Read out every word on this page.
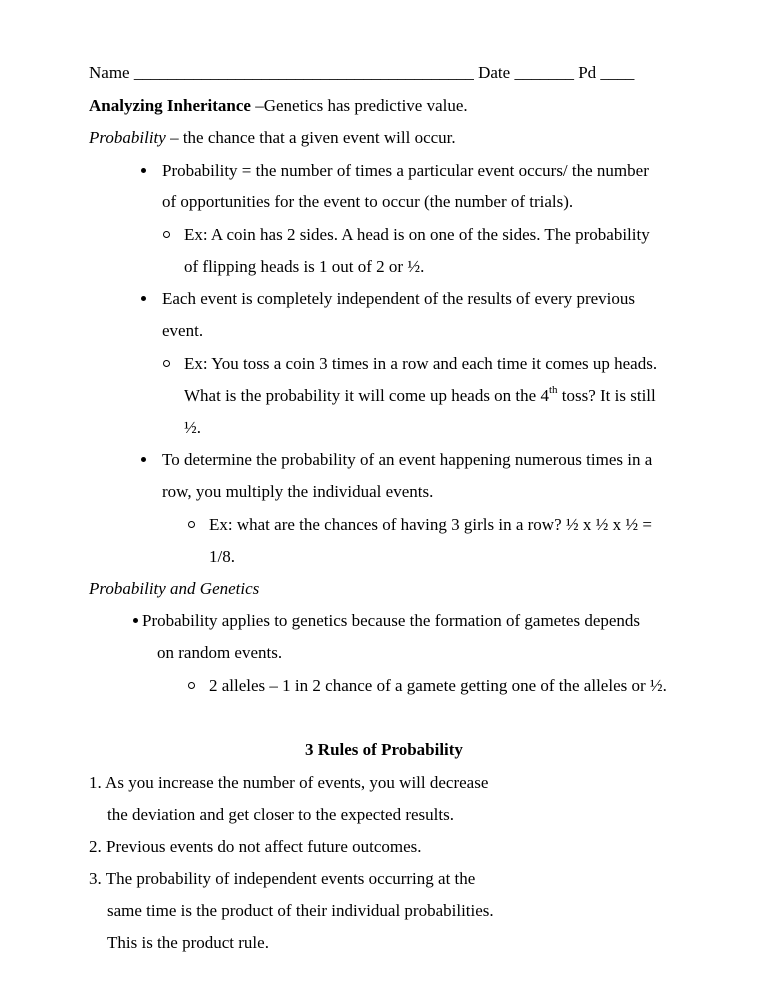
Name ________________________________________ Date _______ Pd ____
Analyzing Inheritance –Genetics has predictive value.
Probability – the chance that a given event will occur.
Probability = the number of times a particular event occurs/ the number
of opportunities for the event to occur (the number of trials).
Ex: A coin has 2 sides. A head is on one of the sides. The probability
of flipping heads is 1 out of 2 or ½.
Each event is completely independent of the results of every previous
event.
Ex: You toss a coin 3 times in a row and each time it comes up heads.
What is the probability it will come up heads on the 4th toss? It is still
½.
To determine the probability of an event happening numerous times in a
row, you multiply the individual events.
Ex: what are the chances of having 3 girls in a row? ½ x ½ x ½ =
1/8.
Probability and Genetics
Probability applies to genetics because the formation of gametes depends
on random events.
2 alleles – 1 in 2 chance of a gamete getting one of the alleles or ½.
3 Rules of Probability
1. As you increase the number of events, you will decrease
the deviation and get closer to the expected results.
2. Previous events do not affect future outcomes.
3. The probability of independent events occurring at the
same time is the product of their individual probabilities.
This is the product rule.
